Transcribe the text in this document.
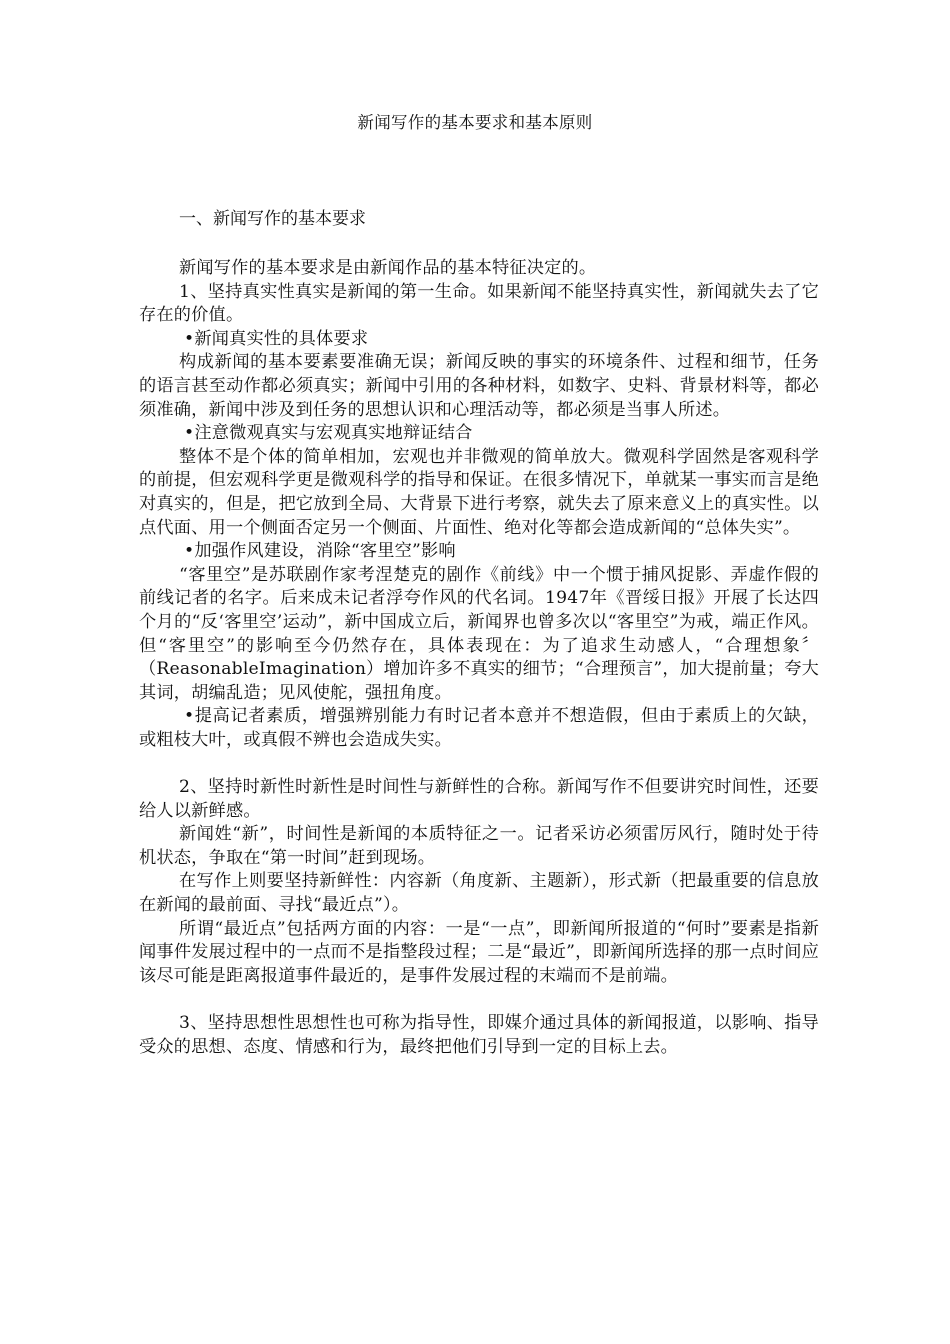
新闻写作的基本要求和基本原则
一、新闻写作的基本要求

新闻写作的基本要求是由新闻作品的基本特征决定的。

1、坚持真实性真实是新闻的第一生命。如果新闻不能坚持真实性，新闻就失去了它存在的价值。

•新闻真实性的具体要求

构成新闻的基本要素要准确无误；新闻反映的事实的环境条件、过程和细节，任务的语言甚至动作都必须真实；新闻中引用的各种材料，如数字、史料、背景材料等，都必须准确，新闻中涉及到任务的思想认识和心理活动等，都必须是当事人所述。

•注意微观真实与宏观真实地辩证结合

整体不是个体的简单相加，宏观也并非微观的简单放大。微观科学固然是客观科学的前提，但宏观科学更是微观科学的指导和保证。在很多情况下，单就某一事实而言是绝对真实的，但是，把它放到全局、大背景下进行考察，就失去了原来意义上的真实性。以点代面、用一个侧面否定另一个侧面、片面性、绝对化等都会造成新闻的“总体失实”。

•加强作风建设，消除“客里空”影响

“客里空”是苏联剧作家考涅楚克的剧作《前线》中一个惯于捕风捉影、弄虚作假的前线记者的名字。后来成未记者浮夸作风的代名词。1947年《晋绥日报》开展了长达四个月的“反‘客里空’运动”，新中国成立后，新闻界也曾多次以“客里空”为戒，端正作风。但“客里空”的影响至今仍然存在，具体表现在：为了追求生动感人，“合理想象〞（ReasonableImagination）增加许多不真实的细节；“合理预言”，加大提前量；夸大其词，胡编乱造；见风使舵，强扭角度。

•提高记者素质，增强辨别能力有时记者本意并不想造假，但由于素质上的欠缺，或粗枝大叶，或真假不辨也会造成失实。

2、坚持时新性时新性是时间性与新鲜性的合称。新闻写作不但要讲究时间性，还要给人以新鲜感。

新闻姓“新”，时间性是新闻的本质特征之一。记者采访必须雷厉风行，随时处于待机状态，争取在“第一时间”赶到现场。

在写作上则要坚持新鲜性：内容新（角度新、主题新），形式新（把最重要的信息放在新闻的最前面、寻找“最近点”）。

所谓“最近点”包括两方面的内容：一是“一点”，即新闻所报道的“何时”要素是指新闻事件发展过程中的一点而不是指整段过程；二是“最近”，即新闻所选择的那一点时间应该尽可能是距离报道事件最近的，是事件发展过程的末端而不是前端。

3、坚持思想性思想性也可称为指导性，即媒介通过具体的新闻报道，以影响、指导受众的思想、态度、情感和行为，最终把他们引导到一定的目标上去。
